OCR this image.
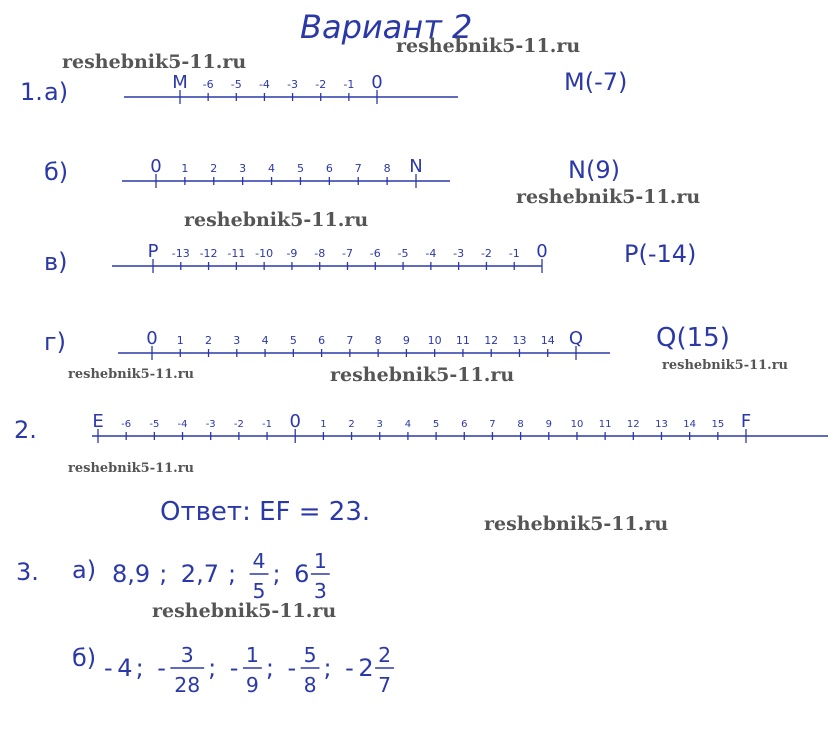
Вариант 2
reshebnik5-11.ru
reshebnik5-11.ru
reshebnik5-11.ru
reshebnik5-11.ru
reshebnik5-11.ru
reshebnik5-11.ru
reshebnik5-11.ru
reshebnik5-11.ru
reshebnik5-11.ru
reshebnik5-11.ru
1. а)	M -6 -5 -4 -3 -2 -1 0	M(-7)
б)	0 1 2 3 4 5 6 7 8 N	N(9)
в)	P -13 -12 -11 -10 -9 -8 -7 -6 -5 -4 -3 -2 -1 0	P(-14)
г)	0 1 2 3 4 5 6 7 8 9 10 11 12 13 14 Q	Q(15)
2.	E -6 -5 -4 -3 -2 -1 0 1 2 3 4 5 6 7 8 9 10 11 12 13 14 15 F
Ответ: EF = 23.
3. а) 8,9 ; 2,7 ; 4
5
; 6 1
3
б) - 4 ; - 3
28
; - 1
9
; - 5
8
; - 2 2
7
